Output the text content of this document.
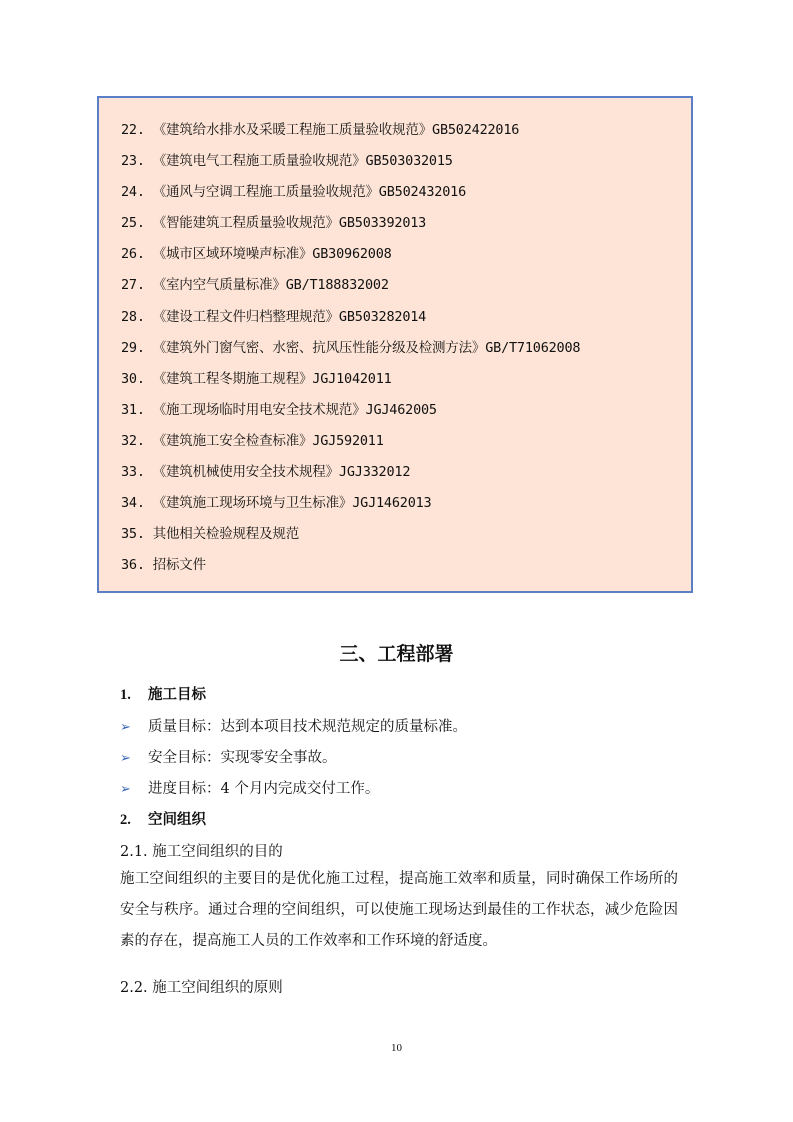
22. 《建筑给水排水及采暖工程施工质量验收规范》GB502422016
23. 《建筑电气工程施工质量验收规范》GB503032015
24. 《通风与空调工程施工质量验收规范》GB502432016
25. 《智能建筑工程质量验收规范》GB503392013
26. 《城市区域环境噪声标准》GB30962008
27. 《室内空气质量标准》GB/T188832002
28. 《建设工程文件归档整理规范》GB503282014
29. 《建筑外门窗气密、水密、抗风压性能分级及检测方法》GB/T71062008
30. 《建筑工程冬期施工规程》JGJ1042011
31. 《施工现场临时用电安全技术规范》JGJ462005
32. 《建筑施工安全检查标准》JGJ592011
33. 《建筑机械使用安全技术规程》JGJ332012
34. 《建筑施工现场环境与卫生标准》JGJ1462013
35. 其他相关检验规程及规范
36. 招标文件
三、工程部署
1. 施工目标
➢ 质量目标：达到本项目技术规范规定的质量标准。
➢ 安全目标：实现零安全事故。
➢ 进度目标：4 个月内完成交付工作。
2. 空间组织
2.1. 施工空间组织的目的
施工空间组织的主要目的是优化施工过程，提高施工效率和质量，同时确保工作场所的安全与秩序。通过合理的空间组织，可以使施工现场达到最佳的工作状态，减少危险因素的存在，提高施工人员的工作效率和工作环境的舒适度。
2.2. 施工空间组织的原则
10
